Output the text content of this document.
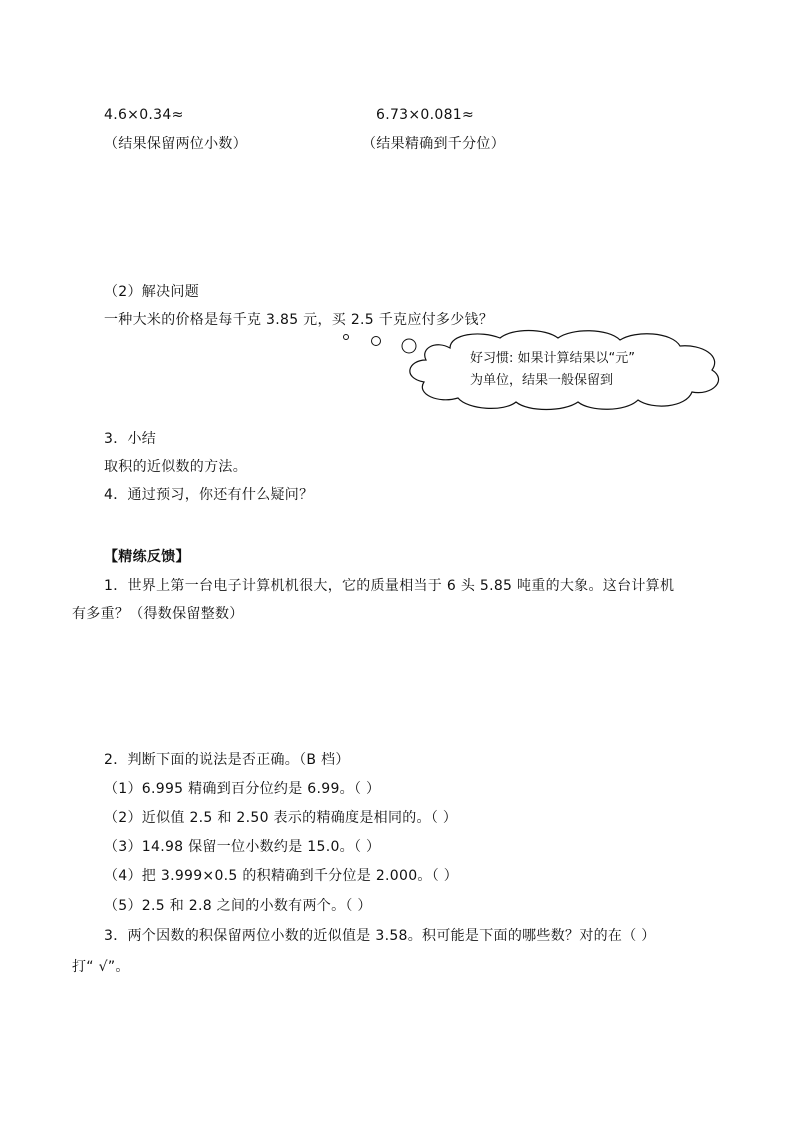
4.6×0.34≈	6.73×0.081≈
（结果保留两位小数）	（结果精确到千分位）
（2）解决问题
一种大米的价格是每千克 3.85 元，买 2.5 千克应付多少钱？
好习惯: 如果计算结果以“元”
为单位，结果一般保留到
3．小结
取积的近似数的方法。
4．通过预习，你还有什么疑问？
【精练反馈】
1．世界上第一台电子计算机机很大，它的质量相当于 6 头 5.85 吨重的大象。这台计算机
有多重？（得数保留整数）
2．判断下面的说法是否正确。（B 档）
（1）6.995 精确到百分位约是 6.99。（ ）
（2）近似值 2.5 和 2.50 表示的精确度是相同的。（ ）
（3）14.98 保留一位小数约是 15.0。（ ）
（4）把 3.999×0.5 的积精确到千分位是 2.000。（ ）
（5）2.5 和 2.8 之间的小数有两个。（ ）
3．两个因数的积保留两位小数的近似值是 3.58。积可能是下面的哪些数？对的在（ ）
打“ √”。
